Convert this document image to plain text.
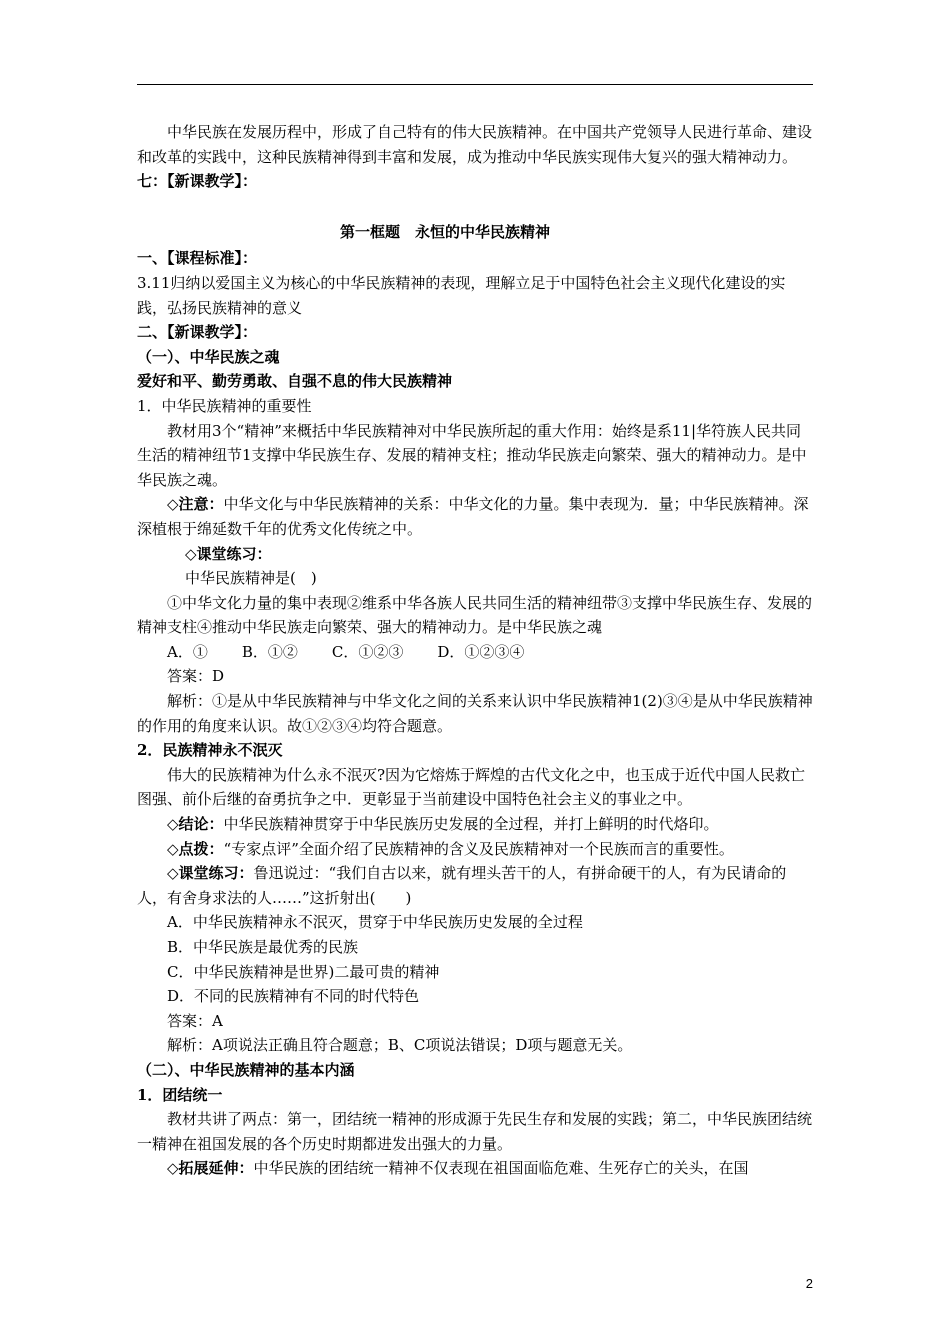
中华民族在发展历程中，形成了自己特有的伟大民族精神。在中国共产党领导人民进行革命、建设和改革的实践中，这种民族精神得到丰富和发展，成为推动中华民族实现伟大复兴的强大精神动力。

七：【新课教学】：

第一框题　永恒的中华民族精神

一、【课程标准】：

3.11归纳以爱国主义为核心的中华民族精神的表现，理解立足于中国特色社会主义现代化建设的实践，弘扬民族精神的意义

二、【新课教学】：

（一）、中华民族之魂

爱好和平、勤劳勇敢、自强不息的伟大民族精神

1．中华民族精神的重要性

教材用3个“精神”来概括中华民族精神对中华民族所起的重大作用：始终是系11|华符族人民共同生活的精神纽节1支撑中华民族生存、发展的精神支柱；推动华民族走向繁荣、强大的精神动力。是中华民族之魂。

◇注意：中华文化与中华民族精神的关系：中华文化的力量。集中表现为．量；中华民族精神。深深植根于绵延数千年的优秀文化传统之中。

◇课堂练习：

中华民族精神是(　)

①中华文化力量的集中表现②维系中华各族人民共同生活的精神纽带③支撑中华民族生存、发展的精神支柱④推动中华民族走向繁荣、强大的精神动力。是中华民族之魂

A．① B．①② C．①②③ D．①②③④

答案：D

解析：①是从中华民族精神与中华文化之间的关系来认识中华民族精神1(2)③④是从中华民族精神的作用的角度来认识。故①②③④均符合题意。

2．民族精神永不泯灭

伟大的民族精神为什么永不泯灭?因为它熔炼于辉煌的古代文化之中，也玉成于近代中国人民救亡图强、前仆后继的奋勇抗争之中．更彰显于当前建设中国特色社会主义的事业之中。

◇结论：中华民族精神贯穿于中华民族历史发展的全过程，并打上鲜明的时代烙印。

◇点拨：“专家点评”全面介绍了民族精神的含义及民族精神对一个民族而言的重要性。

◇课堂练习：鲁迅说过：“我们自古以来，就有埋头苦干的人，有拼命硬干的人，有为民请命的人，有舍身求法的人……”这折射出(　　)

A．中华民族精神永不泯灭，贯穿于中华民族历史发展的全过程

B．中华民族是最优秀的民族

C．中华民族精神是世界)二最可贵的精神

D．不同的民族精神有不同的时代特色

答案：A

解析：A项说法正确且符合题意；B、C项说法错误；D项与题意无关。

（二）、中华民族精神的基本内涵

1．团结统一

教材共讲了两点：第一，团结统一精神的形成源于先民生存和发展的实践；第二，中华民族团结统一精神在祖国发展的各个历史时期都进发出强大的力量。

◇拓展延伸：中华民族的团结统一精神不仅表现在祖国面临危难、生死存亡的关头，在国

2
